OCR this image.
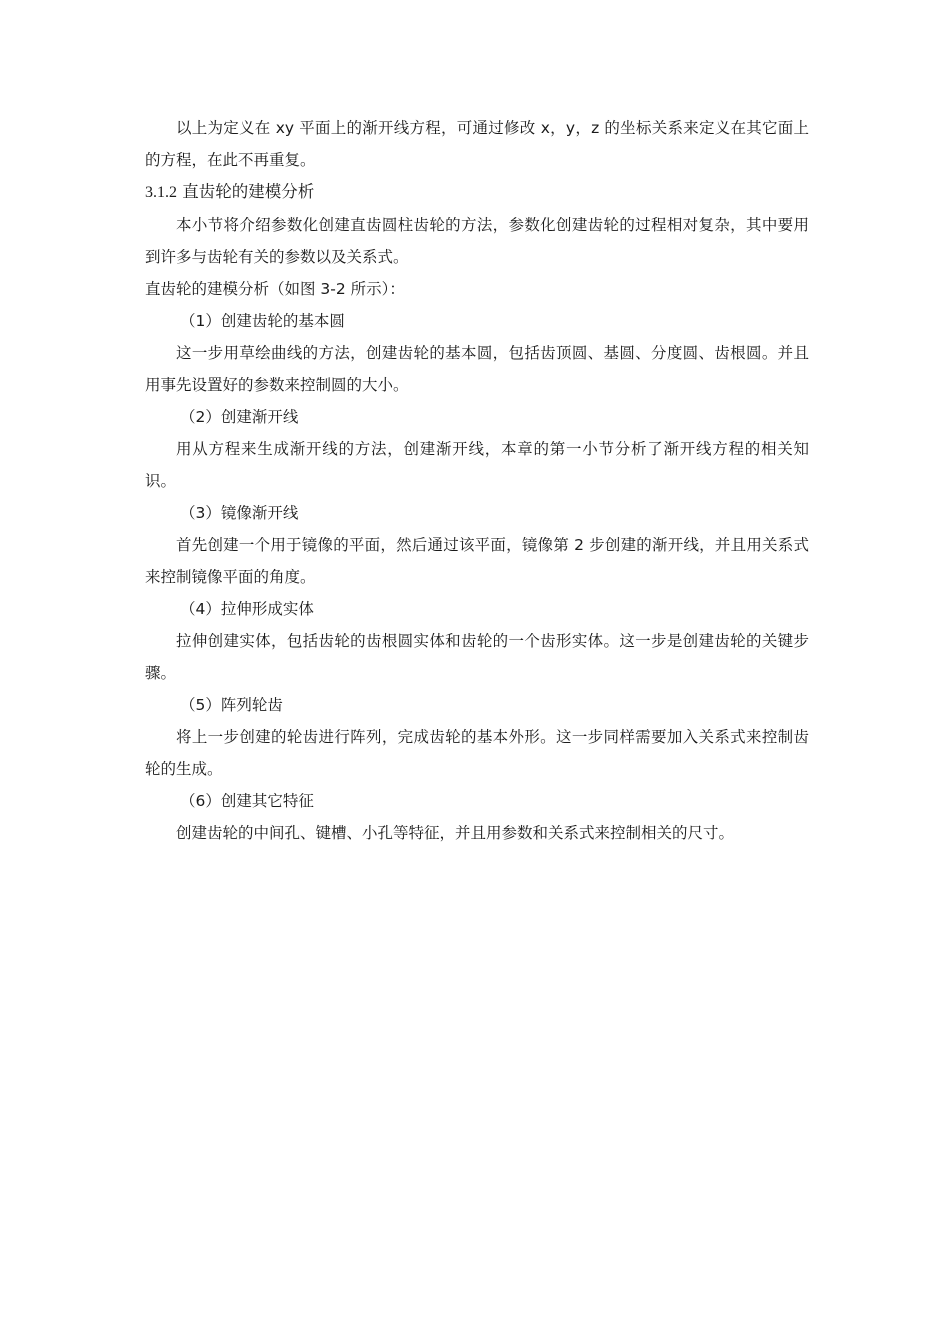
以上为定义在 xy 平面上的渐开线方程，可通过修改 x，y，z 的坐标关系来定义在其它面上的方程，在此不再重复。

3.1.2 直齿轮的建模分析

本小节将介绍参数化创建直齿圆柱齿轮的方法，参数化创建齿轮的过程相对复杂，其中要用到许多与齿轮有关的参数以及关系式。

直齿轮的建模分析（如图 3-2 所示）：

（1）创建齿轮的基本圆

这一步用草绘曲线的方法，创建齿轮的基本圆，包括齿顶圆、基圆、分度圆、齿根圆。并且用事先设置好的参数来控制圆的大小。

（2）创建渐开线

用从方程来生成渐开线的方法，创建渐开线，本章的第一小节分析了渐开线方程的相关知识。

（3）镜像渐开线

首先创建一个用于镜像的平面，然后通过该平面，镜像第 2 步创建的渐开线，并且用关系式来控制镜像平面的角度。

（4）拉伸形成实体

拉伸创建实体，包括齿轮的齿根圆实体和齿轮的一个齿形实体。这一步是创建齿轮的关键步骤。

（5）阵列轮齿

将上一步创建的轮齿进行阵列，完成齿轮的基本外形。这一步同样需要加入关系式来控制齿轮的生成。

（6）创建其它特征

创建齿轮的中间孔、键槽、小孔等特征，并且用参数和关系式来控制相关的尺寸。
